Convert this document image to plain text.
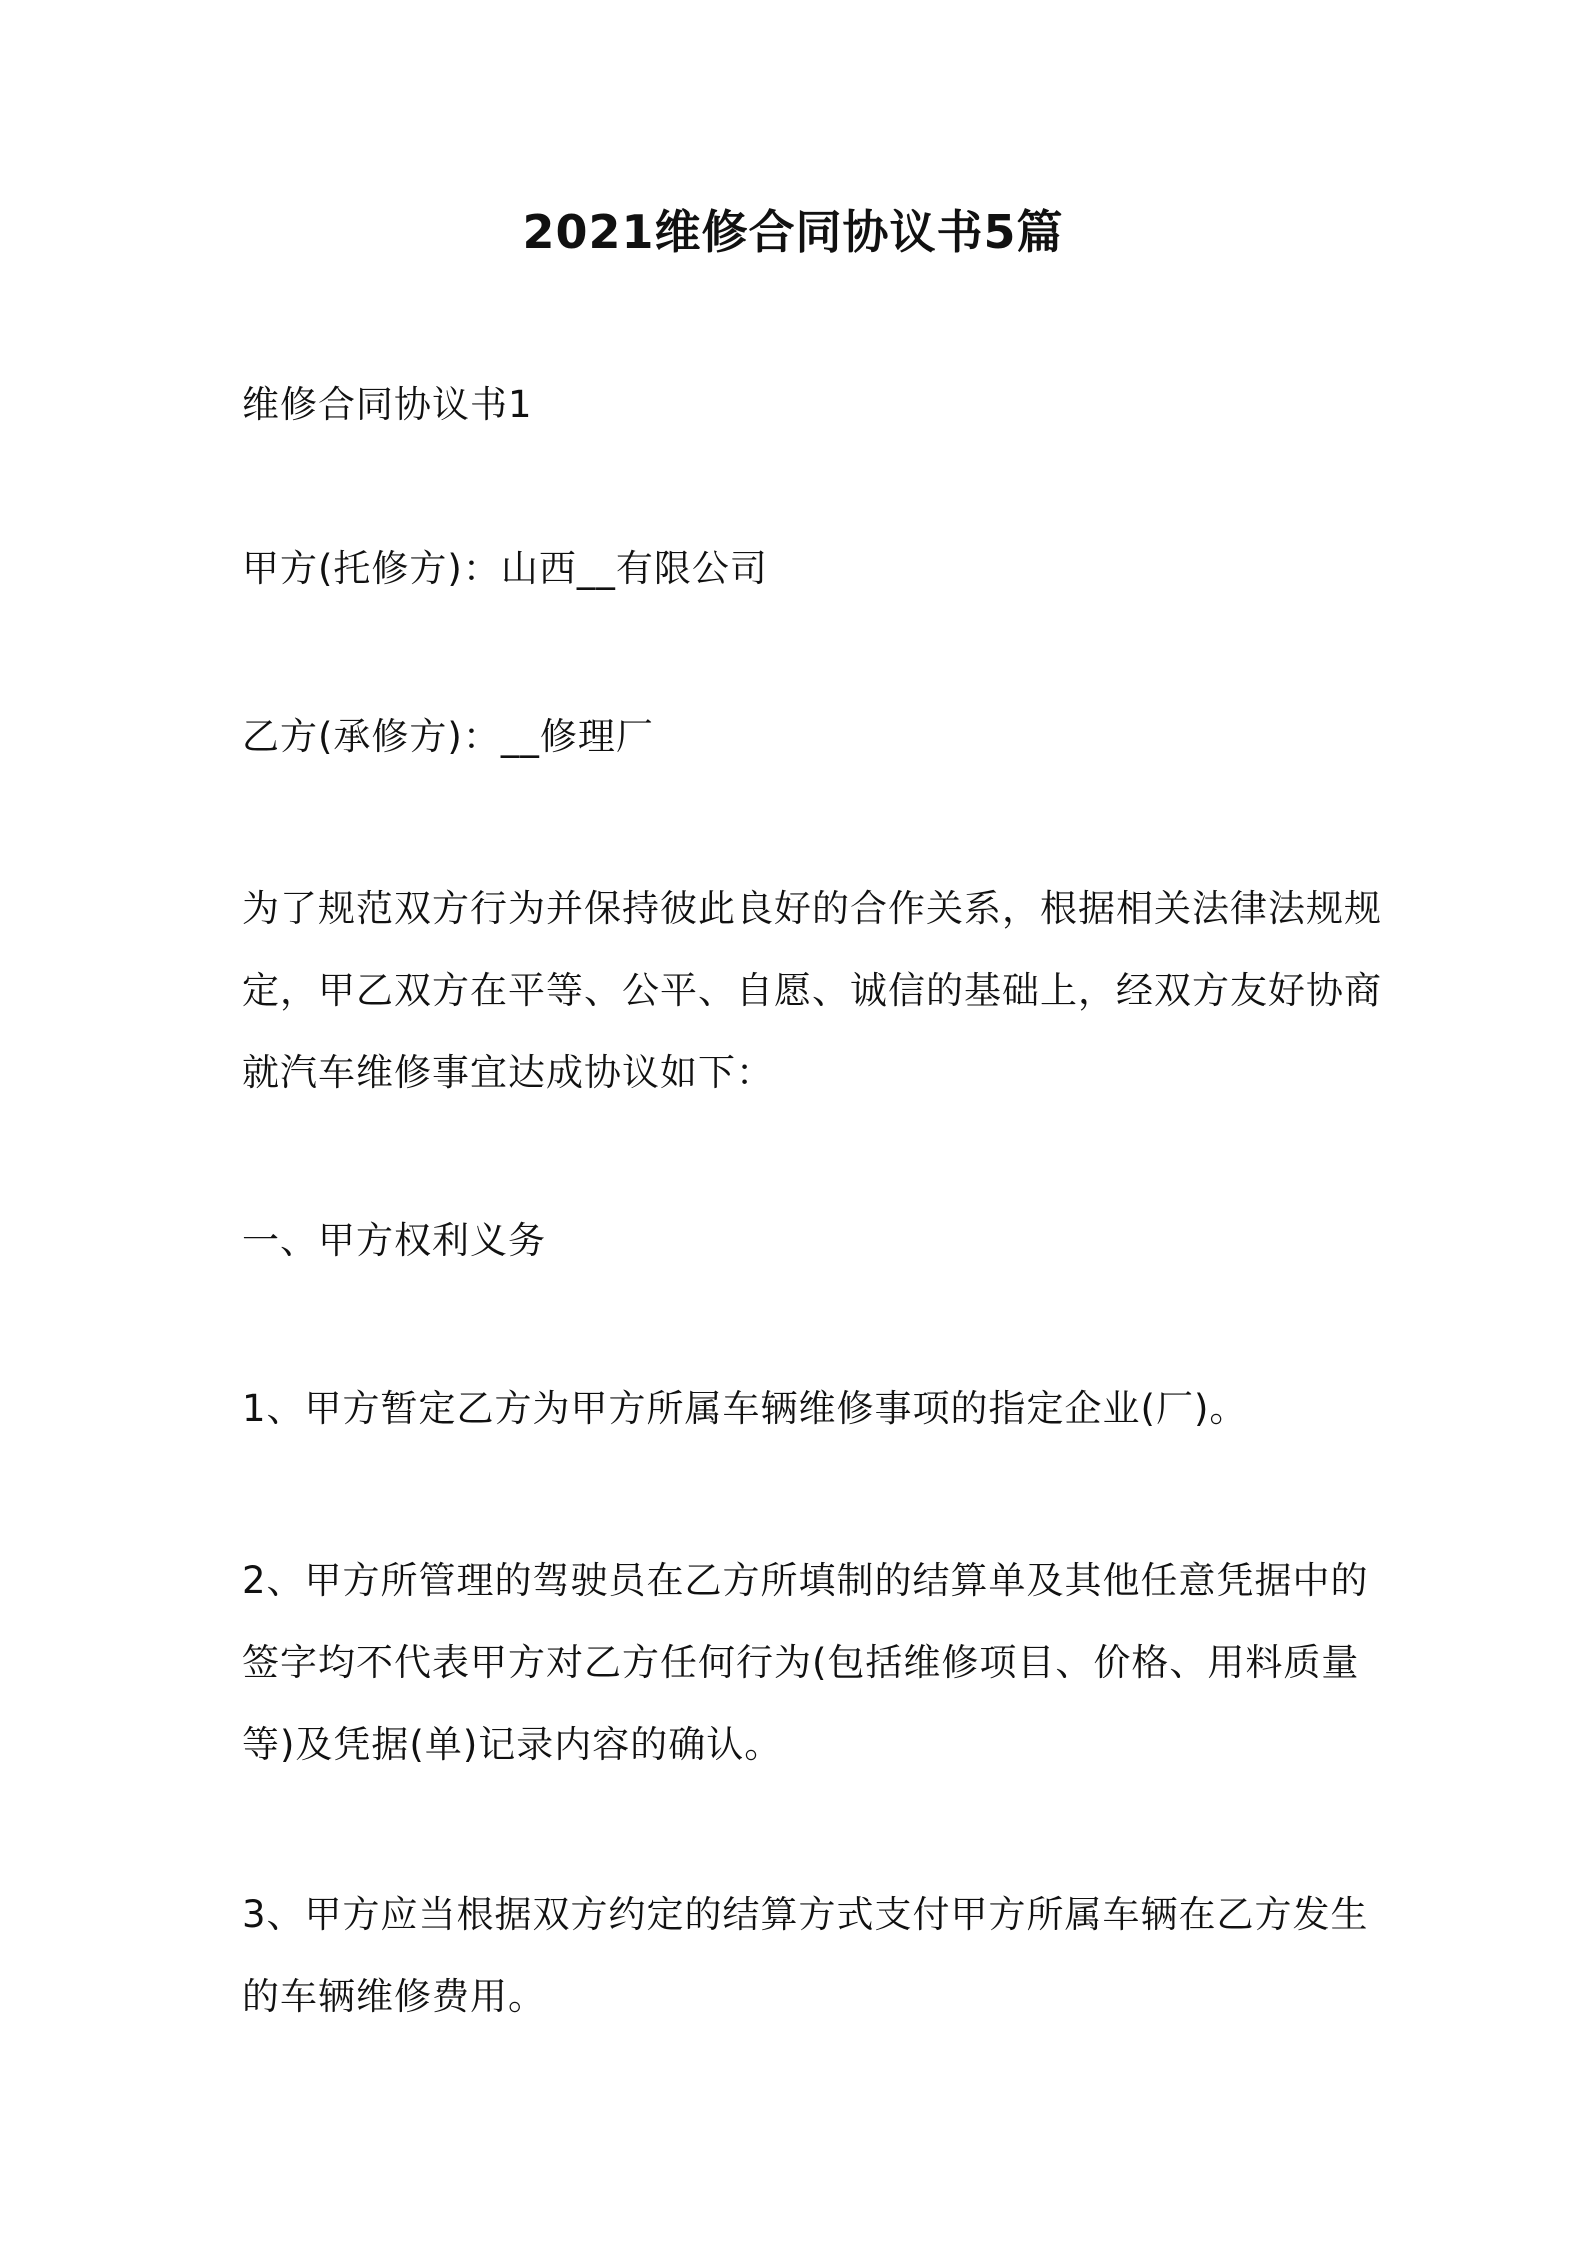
2021维修合同协议书5篇
维修合同协议书1
甲方(托修方)：山西__有限公司
乙方(承修方)：__修理厂
为了规范双方行为并保持彼此良好的合作关系，根据相关法律法规规
定，甲乙双方在平等、公平、自愿、诚信的基础上，经双方友好协商
就汽车维修事宜达成协议如下：
一、甲方权利义务
1、甲方暂定乙方为甲方所属车辆维修事项的指定企业(厂)。
2、甲方所管理的驾驶员在乙方所填制的结算单及其他任意凭据中的
签字均不代表甲方对乙方任何行为(包括维修项目、价格、用料质量
等)及凭据(单)记录内容的确认。
3、甲方应当根据双方约定的结算方式支付甲方所属车辆在乙方发生
的车辆维修费用。
